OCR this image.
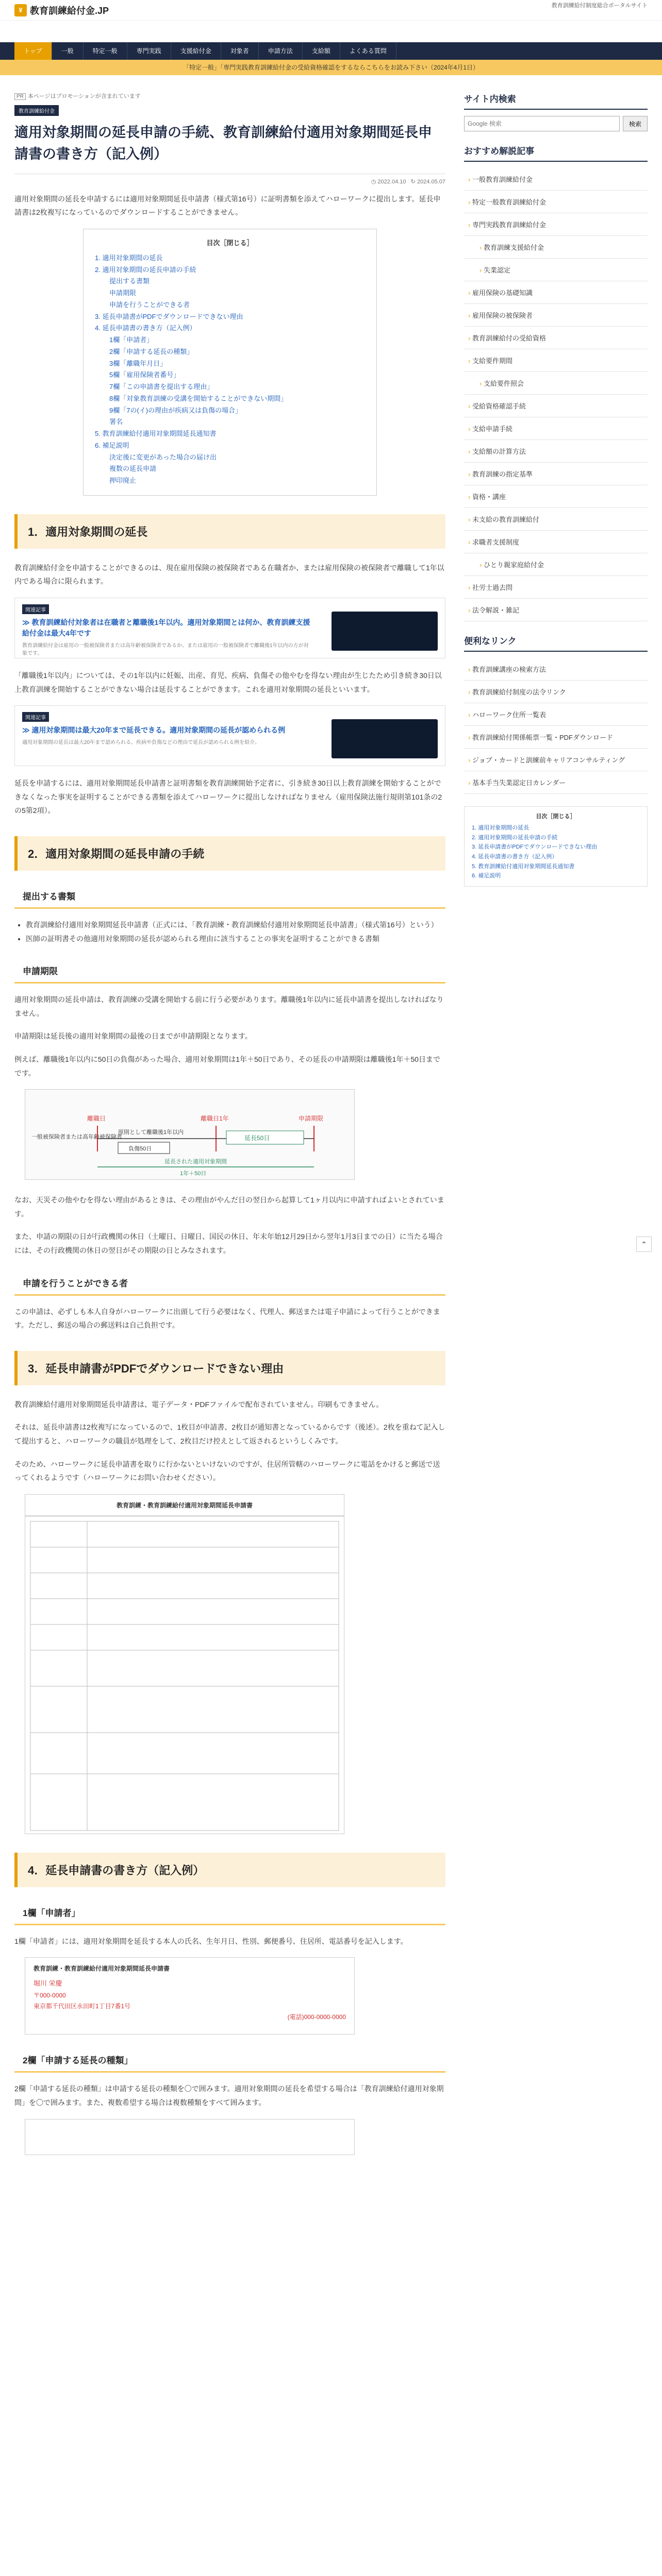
¥ 教育訓練給付金.JP	教育訓練給付制度総合ポータルサイト
トップ	一般	特定一般	専門実践	支援給付金	対象者	申請方法	支給額	よくある質問
「特定一般」「専門実践教育訓練給付金の受給資格確認をするならこちらをお読み下さい（2024年4月1日）
PR 本ページはプロモーションが含まれています
教育訓練給付金
適用対象期間の延長申請の手続、教育訓練給付適用対象期間延長申請書の書き方（記入例）
◷ 2022.04.10 ↻ 2024.05.07

適用対象期間の延長を申請するには適用対象期間延長申請書（様式第16号）に証明書類を添えてハローワークに提出します。延長申請書は2枚複写になっているのでダウンロードすることができません。

目次［閉じる］
1. 適用対象期間の延長
2. 適用対象期間の延長申請の手続
提出する書類
申請期限
申請を行うことができる者
3. 延長申請書がPDFでダウンロードできない理由
4. 延長申請書の書き方（記入例）
1欄「申請者」
2欄「申請する延長の種類」
3欄「離職年月日」
5欄「雇用保険者番号」
7欄「この申請書を提出する理由」
8欄「対象教育訓練の受講を開始することができない期間」
9欄「7の(イ)の理由が疾病又は負傷の場合」
署名
5. 教育訓練給付適用対象期間延長通知書
6. 補足説明
決定後に変更があった場合の届け出
複数の延長申請
押印廃止
1．適用対象期間の延長

教育訓練給付金を申請することができるのは、現在雇用保険の被保険者である在職者か、または雇用保険の被保険者で離職して1年以内である場合に限られます。

関連記事
≫ 教育訓練給付対象者は在職者と離職後1年以内。適用対象期間とは何か、教育訓練支援給付金は最大4年です
教育訓練給付金は雇用の一般被保険者または高年齢被保険者であるか、または雇用の一般被保険者で離職後1年以内の方が対象です。

「離職後1年以内」については、その1年以内に妊娠、出産、育児、疾病、負傷その他やむを得ない理由が生じたため引き続き30日以上教育訓練を開始することができない場合は延長することができます。これを適用対象期間の延長といいます。

関連記事
≫ 適用対象期間は最大20年まで延長できる。適用対象期間の延長が認められる例
適用対象期間の延長は最大20年まで認められる。疾病や負傷などの理由で延長が認められる例を紹介。

延長を申請するには、適用対象期間延長申請書と証明書類を教育訓練開始予定者に、引き続き30日以上教育訓練を開始することができなくなった事実を証明することができる書類を添えてハローワークに提出しなければなりません（雇用保険法施行規則第101条の2の5第2項）。

2．適用対象期間の延長申請の手続
提出する書類
• 教育訓練給付適用対象期間延長申請書（正式には、「教育訓練・教育訓練給付適用対象期間延長申請書」（様式第16号）という）
• 医師の証明書その他適用対象期間の延長が認められる理由に該当することの事実を証明することができる書類
申請期限

適用対象期間の延長申請は、教育訓練の受講を開始する前に行う必要があります。離職後1年以内に延長申請書を提出しなければなりません。

申請期限は延長後の適用対象期間の最後の日までが申請期限となります。

例えば、離職後1年以内に50日の負傷があった場合、適用対象期間は1年＋50日であり、その延長の申請期限は離職後1年＋50日までです。

一般被保険者または高年齢被保険者
離職日	離職日1年	申請期限
原則として離職後1年以内
負傷50日
延長50日
延長された適用対象期間
1年＋50日

なお、天災その他やむを得ない理由があるときは、その理由がやんだ日の翌日から起算して1ヶ月以内に申請すればよいとされています。

また、申請の期限の日が行政機関の休日（土曜日、日曜日、国民の休日、年末年始12月29日から翌年1月3日までの日）に当たる場合には、その行政機関の休日の翌日がその期限の日とみなされます。

申請を行うことができる者

この申請は、必ずしも本人自身がハローワークに出頭して行う必要はなく、代理人、郵送または電子申請によって行うことができます。ただし、郵送の場合の郵送料は自己負担です。

3．延長申請書がPDFでダウンロードできない理由

教育訓練給付適用対象期間延長申請書は、電子データ・PDFファイルで配布されていません。印刷もできません。

それは、延長申請書は2枚複写になっているので、1枚目が申請書、2枚目が通知書となっているからです（後述）。2枚を重ねて記入して提出すると、ハローワークの職員が処理をして、2枚目だけ控えとして返されるというしくみです。

そのため、ハローワークに延長申請書を取りに行かないといけないのですが、住居所管轄のハローワークに電話をかけると郵送で送ってくれるようです（ハローワークにお問い合わせください）。

教育訓練・教育訓練給付適用対象期間延長申請書
4．延長申請書の書き方（記入例）
1欄「申請者」

1欄「申請者」には、適用対象期間を延長する本人の氏名、生年月日、性別、郵便番号、住居所、電話番号を記入します。

教育訓練・教育訓練給付適用対象期間延長申請書
堀川 栄慶
〒000-0000
東京都千代田区永田町1丁目7番1号
(電話)000-0000-0000
2欄「申請する延長の種類」

2欄「申請する延長の種類」は申請する延長の種類を〇で囲みます。適用対象期間の延長を希望する場合は「教育訓練給付適用対象期間」を〇で囲みます。また、複数希望する場合は複数種類をすべて囲みます。

サイト内検索
Google 検索
検索
おすすめ解説記事
› 一般教育訓練給付金
› 特定一般教育訓練給付金
› 専門実践教育訓練給付金
› 教育訓練支援給付金
› 失業認定
› 雇用保険の基礎知識
› 雇用保険の被保険者
› 教育訓練給付の受給資格
› 支給要件期間
› 支給要件照会
› 受給資格確認手続
› 支給申請手続
› 支給額の計算方法
› 教育訓練の指定基準
› 資格・講座
› 未支給の教育訓練給付
› 求職者支援制度
› ひとり親家庭給付金
› 社労士過去問
› 法令解説・雑記
便利なリンク
› 教育訓練講座の検索方法
› 教育訓練給付制度の法令リンク
› ハローワーク住所一覧表
› 教育訓練給付関係帳票一覧・PDFダウンロード
› ジョブ・カードと訓練前キャリアコンサルティング
› 基本手当失業認定日カレンダー
目次［閉じる］
1. 適用対象期間の延長
2. 適用対象期間の延長申請の手続
3. 延長申請書がPDFでダウンロードできない理由
4. 延長申請書の書き方（記入例）
5. 教育訓練給付適用対象期間延長通知書
6. 補足説明
⌃
